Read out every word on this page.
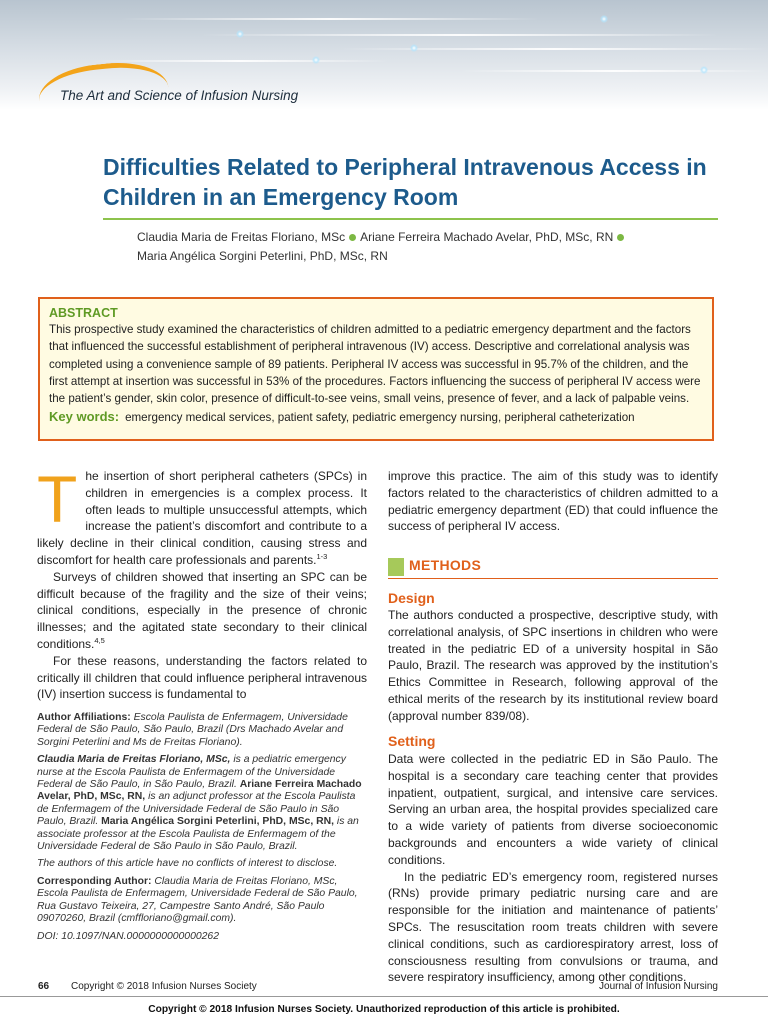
The Art and Science of Infusion Nursing
Difficulties Related to Peripheral Intravenous Access in Children in an Emergency Room
Claudia Maria de Freitas Floriano, MSc Ariane Ferreira Machado Avelar, PhD, MSc, RN
Maria Angélica Sorgini Peterlini, PhD, MSc, RN
ABSTRACT

This prospective study examined the characteristics of children admitted to a pediatric emergency department and the factors that influenced the successful establishment of peripheral intravenous (IV) access. Descriptive and correlational analysis was completed using a convenience sample of 89 patients. Peripheral IV access was successful in 95.7% of the children, and the first attempt at insertion was successful in 53% of the procedures. Factors influencing the success of peripheral IV access were the patient’s gender, skin color, presence of difficult-to-see veins, small veins, presence of fever, and a lack of palpable veins.

Key words: emergency medical services, patient safety, pediatric emergency nursing, peripheral catheterization

The insertion of short peripheral catheters (SPCs) in children in emergencies is a complex process. It often leads to multiple unsuccessful attempts, which increase the patient’s discomfort and contribute to a likely decline in their clinical condition, causing stress and discomfort for health care professionals and parents.$^{1-3}$

Surveys of children showed that inserting an SPC can be difficult because of the fragility and the size of their veins; clinical conditions, especially in the presence of chronic illnesses; and the agitated state secondary to their clinical conditions.$^{4,5}$

For these reasons, understanding the factors related to critically ill children that could influence peripheral intravenous (IV) insertion success is fundamental to

Author Affiliations: Escola Paulista de Enfermagem, Universidade Federal de São Paulo, São Paulo, Brazil (Drs Machado Avelar and Sorgini Peterlini and Ms de Freitas Floriano).

Claudia Maria de Freitas Floriano, MSc, is a pediatric emergency nurse at the Escola Paulista de Enfermagem of the Universidade Federal de São Paulo, in São Paulo, Brazil. Ariane Ferreira Machado Avelar, PhD, MSc, RN, is an adjunct professor at the Escola Paulista de Enfermagem of the Universidade Federal de São Paulo in São Paulo, Brazil. Maria Angélica Sorgini Peterlini, PhD, MSc, RN, is an associate professor at the Escola Paulista de Enfermagem of the Universidade Federal de São Paulo in São Paulo, Brazil.

The authors of this article have no conflicts of interest to disclose.

Corresponding Author: Claudia Maria de Freitas Floriano, MSc, Escola Paulista de Enfermagem, Universidade Federal de São Paulo, Rua Gustavo Teixeira, 27, Campestre Santo André, São Paulo 09070260, Brazil (cmffloriano@gmail.com).

DOI: 10.1097/NAN.0000000000000262

improve this practice. The aim of this study was to identify factors related to the characteristics of children admitted to a pediatric emergency department (ED) that could influence the success of peripheral IV access.

METHODS
Design

The authors conducted a prospective, descriptive study, with correlational analysis, of SPC insertions in children who were treated in the pediatric ED of a university hospital in São Paulo, Brazil. The research was approved by the institution’s Ethics Committee in Research, following approval of the ethical merits of the research by its institutional review board (approval number 839/08).

Setting

Data were collected in the pediatric ED in São Paulo. The hospital is a secondary care teaching center that provides inpatient, outpatient, surgical, and intensive care services. Serving an urban area, the hospital provides specialized care to a wide variety of patients from diverse socioeconomic backgrounds and encounters a wide variety of clinical conditions.

In the pediatric ED’s emergency room, registered nurses (RNs) provide primary pediatric nursing care and are responsible for the initiation and maintenance of patients’ SPCs. The resuscitation room treats children with severe clinical conditions, such as cardiorespiratory arrest, loss of consciousness resulting from convulsions or trauma, and severe respiratory insufficiency, among other conditions.

66 Copyright © 2018 Infusion Nurses Society	Journal of Infusion Nursing
Copyright © 2018 Infusion Nurses Society. Unauthorized reproduction of this article is prohibited.
